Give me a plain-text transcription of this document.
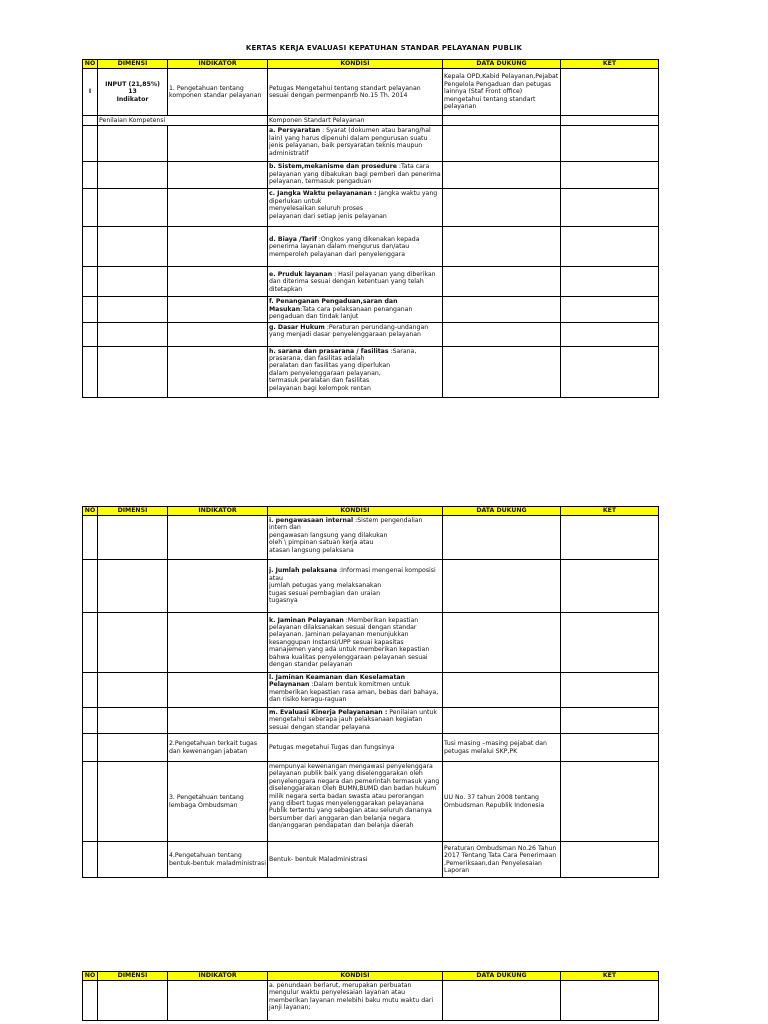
KERTAS KERJA EVALUASI KEPATUHAN STANDAR PELAYANAN PUBLIK
NO	DIMENSI	INDIKATOR	KONDISI	DATA DUKUNG	KET
I	INPUT (21,85%)
13
Indikator	1. Pengetahuan tentang komponen standar pelayanan	Petugas Mengetahui tentang standart pelayanan sesuai dengan permenpanrb No.15 Th. 2014	Kepala OPD,Kabid Pelayanan,Pejabat Pengelola Pengaduan dan petugas lainnya (Staf Front office) mengetahui tentang standart pelayanan	
	Penilaian Kompetensi		Komponen Standart Pelayanan		
			a. Persyaratan : Syarat (dokumen atau barang/hal lain) yang harus dipenuhi dalam pengurusan suatu jenis pelayanan, baik persyaratan teknis maupun administratif		
			b. Sistem,mekanisme dan prosedure :Tata cara pelayanan yang dibakukan bagi pemberi dan penerima pelayanan, termasuk pengaduan		
			c. Jangka Waktu pelayananan : Jangka waktu yang diperlukan untuk
menyelesaikan seluruh proses
pelayanan dari setiap jenis pelayanan		
			d. Biaya /Tarif :Ongkos yang dikenakan kepada penerima layanan dalam mengurus dan/atau memperoleh pelayanan dari penyelenggara		
			e. Pruduk layanan : Hasil pelayanan yang diberikan dan diterima sesuai dengan ketentuan yang telah ditetapkan		
			f. Penanganan Pengaduan,saran dan Masukan:Tata cara pelaksanaan penanganan pengaduan dan tindak lanjut		
			g. Dasar Hukum :Peraturan perundang-undangan yang menjadi dasar penyelenggaraan pelayanan		
			h. sarana dan prasarana / fasilitas :Sarana, prasarana, dan fasilitas adalah
peralatan dan fasilitas yang diperlukan
dalam penyelenggaraan pelayanan,
termasuk peralatan dan fasilitas
pelayanan bagi kelompok rentan		
NO	DIMENSI	INDIKATOR	KONDISI	DATA DUKUNG	KET
			i. pengawasaan internal :Sistem pengendalian intern dan
pengawasan langsung yang dilakukan
oleh \ pimpinan satuan kerja atau
atasan langsung pelaksana		
			j. Jumlah pelaksana :Informasi mengenai komposisi atau
jumlah petugas yang melaksanakan
tugas sesuai pembagian dan uraian
tugasnya		
			k. Jaminan Pelayanan :Memberikan kepastian pelayanan dilaksanakan sesuai dengan standar pelayanan. Jaminan pelayanan menunjukkan kesanggupan Instansi/UPP sesuai kapasitas manajemen yang ada untuk memberikan kepastian bahwa kualitas penyelenggaraan pelayanan sesuai dengan standar pelayanan		
			l. Jaminan Keamanan dan Keselamatan Pelaynanan :Dalam bentuk komitmen untuk memberikan kepastian rasa aman, bebas dari bahaya, dan risiko keragu-raguan		
			m. Evaluasi Kinerja Pelayananan : Penilaian untuk mengetahui seberapa jauh pelaksanaan kegiatan sesuai dengan standar pelayana		
		2.Pengetahuan terkait tugas dan kewenangan jabatan	Petugas megetahui Tugas dan fungsinya	Tusi masing –masing pejabat dan petugas melalui SKP,PK	
		3. Pengetahuan tentang lembaga Ombudsman	mempunyai kewenangan mengawasi penyelenggara pelayanan publik baik yang diselenggarakan oleh penyelenggara negara dan pemerintah termasuk yang diselenggarakan Oleh BUMN,BUMD dan badan hukum milik negara serta badan swasta atau perorangan yang dibert tugas menyelenggarakan pelayanana Publik tertentu yang sebagian atau seluruh dananya bersumber dari anggaran dan belanja negara dan/anggaran pendapatan dan belanja daerah	UU No. 37 tahun 2008 tentang Ombudsman Republik Indonesia	
		4.Pengetahuan tentang bentuk-bentuk maladministrasi	Bentuk- bentuk Maladministrasi	Peraturan Ombudsman No.26 Tahun 2017 Tentang Tata Cara Penerimaan ,Pemeriksaan,dan Penyelesaian Laporan	
NO	DIMENSI	INDIKATOR	KONDISI	DATA DUKUNG	KET
			a. penundaan berlarut, merupakan perbuatan mengulur waktu penyelesaian layanan atau memberikan layanan melebihi baku mutu waktu dari janji layanan;		
